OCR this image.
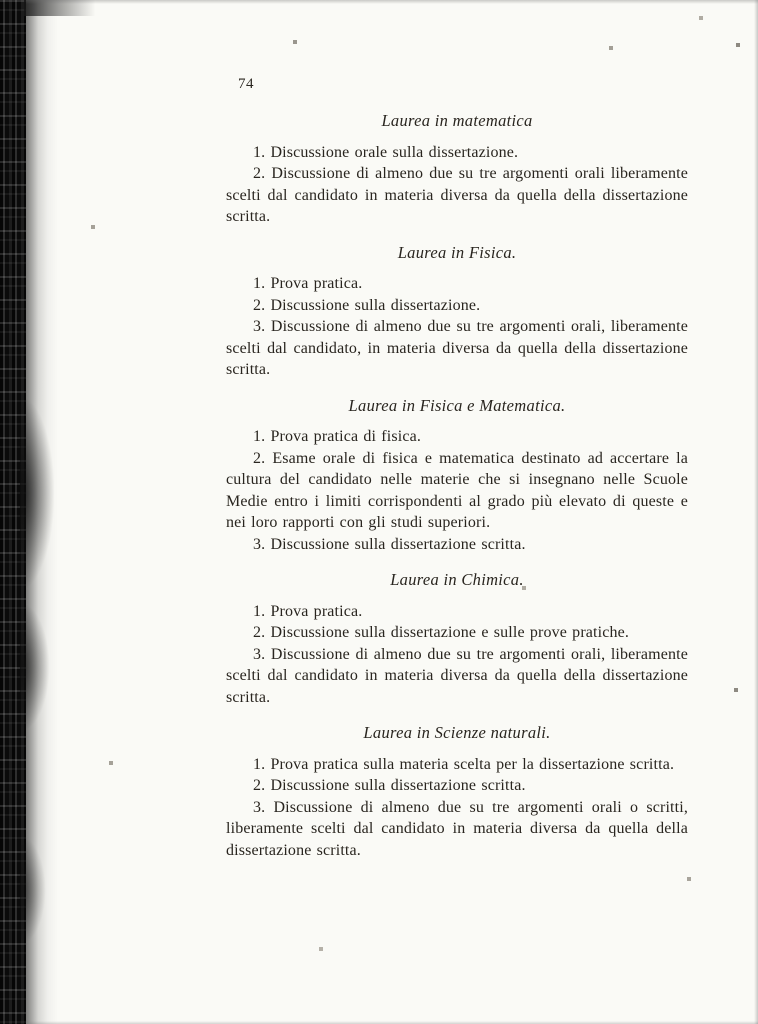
74
Laurea in matematica

1. Discussione orale sulla dissertazione.

2. Discussione di almeno due su tre argomenti orali liberamente scelti dal candidato in materia diversa da quella della dissertazione scritta.

Laurea in Fisica.

1. Prova pratica.

2. Discussione sulla dissertazione.

3. Discussione di almeno due su tre argomenti orali, liberamente scelti dal candidato, in materia diversa da quella della dissertazione scritta.

Laurea in Fisica e Matematica.

1. Prova pratica di fisica.

2. Esame orale di fisica e matematica destinato ad accertare la cultura del candidato nelle materie che si insegnano nelle Scuole Medie entro i limiti corrispondenti al grado più elevato di queste e nei loro rapporti con gli studi superiori.

3. Discussione sulla dissertazione scritta.

Laurea in Chimica.

1. Prova pratica.

2. Discussione sulla dissertazione e sulle prove pratiche.

3. Discussione di almeno due su tre argomenti orali, liberamente scelti dal candidato in materia diversa da quella della dissertazione scritta.

Laurea in Scienze naturali.

1. Prova pratica sulla materia scelta per la dissertazione scritta.

2. Discussione sulla dissertazione scritta.

3. Discussione di almeno due su tre argomenti orali o scritti, liberamente scelti dal candidato in materia diversa da quella della dissertazione scritta.
